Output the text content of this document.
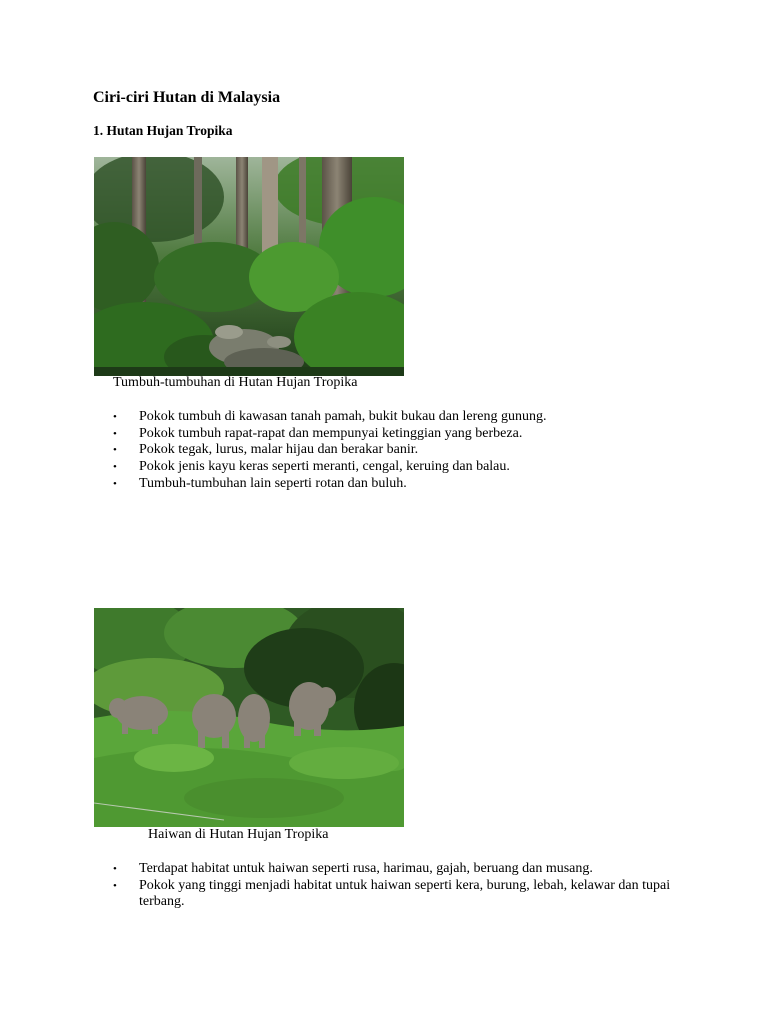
Ciri-ciri Hutan di Malaysia
1. Hutan Hujan Tropika

Tumbuh-tumbuhan di Hutan Hujan Tropika

• Pokok tumbuh di kawasan tanah pamah, bukit bukau dan lereng gunung.
• Pokok tumbuh rapat-rapat dan mempunyai ketinggian yang berbeza.
• Pokok tegak, lurus, malar hijau dan berakar banir.
• Pokok jenis kayu keras seperti meranti, cengal, keruing dan balau.
• Tumbuh-tumbuhan lain seperti rotan dan buluh.

Haiwan di Hutan Hujan Tropika

• Terdapat habitat untuk haiwan seperti rusa, harimau, gajah, beruang dan musang.
• Pokok yang tinggi menjadi habitat untuk haiwan seperti kera, burung, lebah, kelawar dan tupai terbang.
